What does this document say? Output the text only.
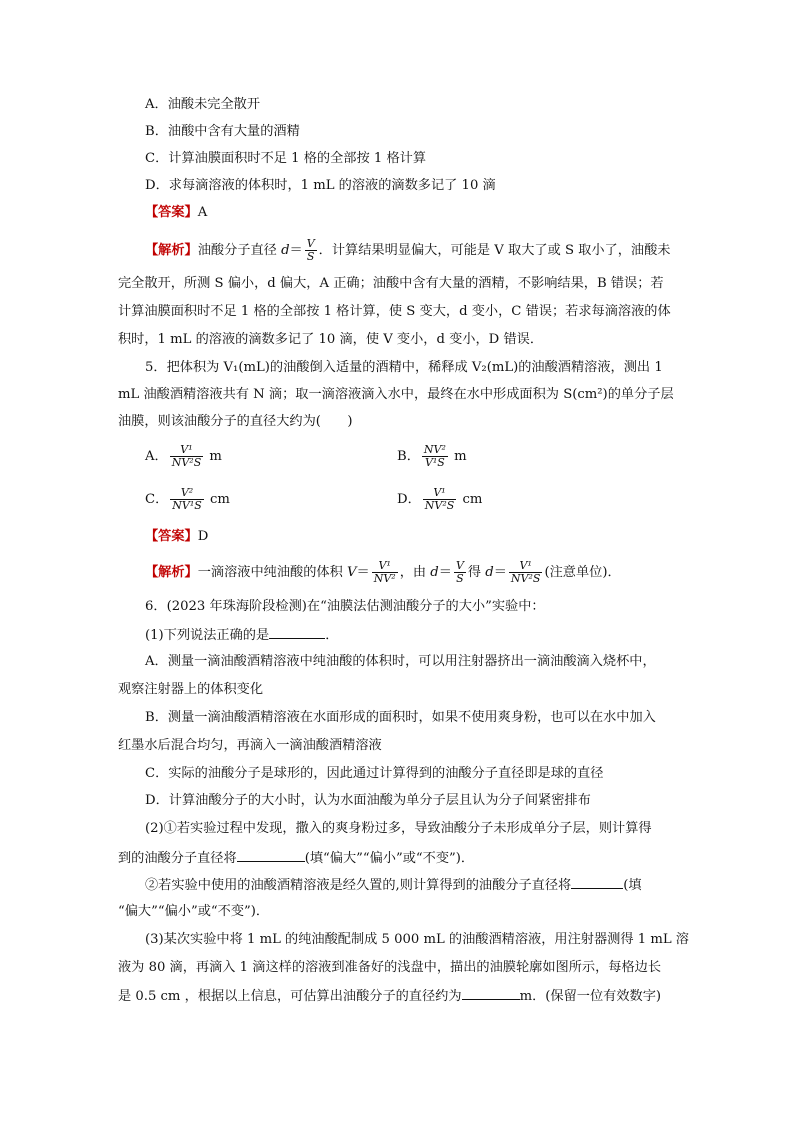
A．油酸未完全散开
B．油酸中含有大量的酒精
C．计算油膜面积时不足 1 格的全部按 1 格计算
D．求每滴溶液的体积时，1 mL 的溶液的滴数多记了 10 滴
【答案】A
【解析】油酸分子直径 $d= \frac{V}{S}$ ．计算结果明显偏大，可能是 V 取大了或 S 取小了，油酸未
完全散开，所测 S 偏小，d 偏大，A 正确；油酸中含有大量的酒精，不影响结果，B 错误；若
计算油膜面积时不足 1 格的全部按 1 格计算，使 S 变大，d 变小，C 错误；若求每滴溶液的体
积时，1 mL 的溶液的滴数多记了 10 滴，使 V 变小，d 变小，D 错误．
5．把体积为 V₁(mL)的油酸倒入适量的酒精中，稀释成 V₂(mL)的油酸酒精溶液，测出 1
mL 油酸酒精溶液共有 N 滴；取一滴溶液滴入水中，最终在水中形成面积为 S(cm²)的单分子层
油膜，则该油酸分子的直径大约为(　　)
A． $\frac{\text{V¹}}{\text{NV²S}}$ m	B． $\frac{\text{NV²}}{\text{V¹S}}$ m
C． $\frac{\text{V²}}{\text{NV¹S}}$ cm	D． $\frac{\text{V¹}}{\text{NV²S}}$ cm
【答案】D
【解析】一滴溶液中纯油酸的体积 $V= \frac{\text{V¹}}{\text{NV²}}$ ，由 $d= \frac{V}{S}$ 得 $d= \frac{\text{V¹}}{\text{NV²S}}$ (注意单位)．
6．(2023 年珠海阶段检测)在“油膜法估测油酸分子的大小”实验中：
(1)下列说法正确的是	．
A．测量一滴油酸酒精溶液中纯油酸的体积时，可以用注射器挤出一滴油酸滴入烧杯中，
观察注射器上的体积变化
B．测量一滴油酸酒精溶液在水面形成的面积时，如果不使用爽身粉，也可以在水中加入
红墨水后混合均匀，再滴入一滴油酸酒精溶液
C．实际的油酸分子是球形的，因此通过计算得到的油酸分子直径即是球的直径
D．计算油酸分子的大小时，认为水面油酸为单分子层且认为分子间紧密排布
(2)①若实验过程中发现，撒入的爽身粉过多，导致油酸分子未形成单分子层，则计算得
到的油酸分子直径将	(填“偏大”“偏小”或“不变”)．
②若实验中使用的油酸酒精溶液是经久置的,则计算得到的油酸分子直径将	(填
“偏大”“偏小”或“不变”)．
(3)某次实验中将 1 mL 的纯油酸配制成 5 000 mL 的油酸酒精溶液，用注射器测得 1 mL 溶
液为 80 滴，再滴入 1 滴这样的溶液到准备好的浅盘中，描出的油膜轮廓如图所示，每格边长
是 0.5 cm ，根据以上信息，可估算出油酸分子的直径约为	m．(保留一位有效数字)
